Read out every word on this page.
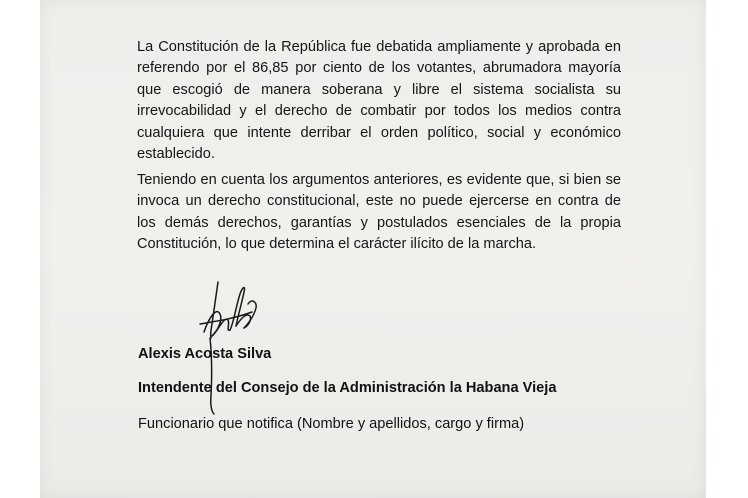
La Constitución de la República fue debatida ampliamente y aprobada en referendo por el 86,85 por ciento de los votantes, abrumadora mayoría que escogió de manera soberana y libre el sistema socialista su irrevocabilidad y el derecho de combatir por todos los medios contra cualquiera que intente derribar el orden político, social y económico establecido.

Teniendo en cuenta los argumentos anteriores, es evidente que, si bien se invoca un derecho constitucional, este no puede ejercerse en contra de los demás derechos, garantías y postulados esenciales de la propia Constitución, lo que determina el carácter ilícito de la marcha.

Alexis Acosta Silva
Intendente del Consejo de la Administración la Habana Vieja
Funcionario que notifica (Nombre y apellidos, cargo y firma)
